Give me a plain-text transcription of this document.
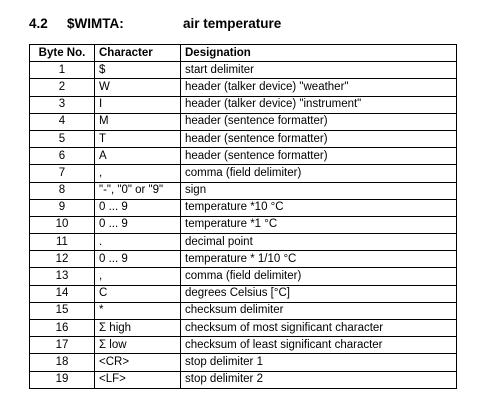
4.2 $WIMTA:	air temperature
Byte No.	Character	Designation
1	$	start delimiter
2	W	header (talker device) "weather"
3	I	header (talker device) "instrument"
4	M	header (sentence formatter)
5	T	header (sentence formatter)
6	A	header (sentence formatter)
7	,	comma (field delimiter)
8	"-", "0" or "9"	sign
9	0 ... 9	temperature *10 °C
10	0 ... 9	temperature *1 °C
11	.	decimal point
12	0 ... 9	temperature * 1/10 °C
13	,	comma (field delimiter)
14	C	degrees Celsius [°C]
15	*	checksum delimiter
16	Σ high	checksum of most significant character
17	Σ low	checksum of least significant character
18	<CR>	stop delimiter 1
19	<LF>	stop delimiter 2
